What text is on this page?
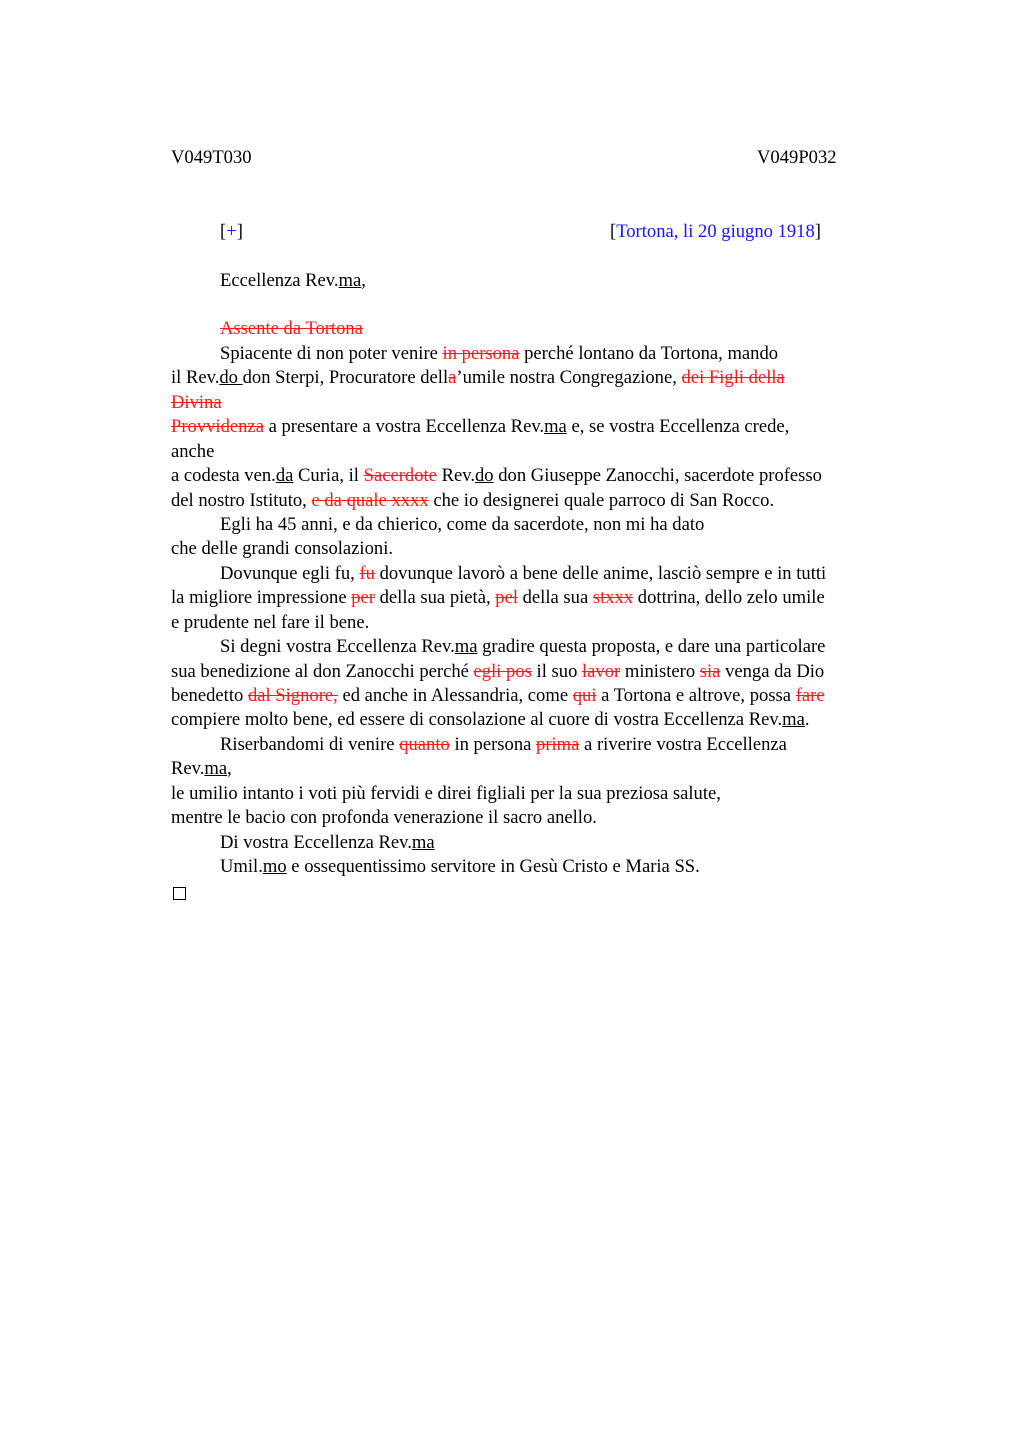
V049T030	V049P032
[+]	[Tortona, li 20 giugno 1918]
Eccellenza Rev.ma,
Assente da Tortona
Spiacente di non poter venire in persona perché lontano da Tortona, mando
il Rev.do don Sterpi, Procuratore della’umile nostra Congregazione, dei Figli della
Divina
Provvidenza a presentare a vostra Eccellenza Rev.ma e, se vostra Eccellenza crede,
anche
a codesta ven.da Curia, il Sacerdote Rev.do don Giuseppe Zanocchi, sacerdote professo
del nostro Istituto, e da quale xxxx che io designerei quale parroco di San Rocco.
Egli ha 45 anni, e da chierico, come da sacerdote, non mi ha dato
che delle grandi consolazioni.
Dovunque egli fu, fu dovunque lavorò a bene delle anime, lasciò sempre e in tutti
la migliore impressione per della sua pietà, pel della sua stxxx dottrina, dello zelo umile
e prudente nel fare il bene.
Si degni vostra Eccellenza Rev.ma gradire questa proposta, e dare una particolare
sua benedizione al don Zanocchi perché egli pos il suo lavor ministero sia venga da Dio
benedetto dal Signore, ed anche in Alessandria, come qui a Tortona e altrove, possa fare
compiere molto bene, ed essere di consolazione al cuore di vostra Eccellenza Rev.ma.
Riserbandomi di venire quanto in persona prima a riverire vostra Eccellenza
Rev.ma,
le umilio intanto i voti più fervidi e direi figliali per la sua preziosa salute,
mentre le bacio con profonda venerazione il sacro anello.
Di vostra Eccellenza Rev.ma
Umil.mo e ossequentissimo servitore in Gesù Cristo e Maria SS.
